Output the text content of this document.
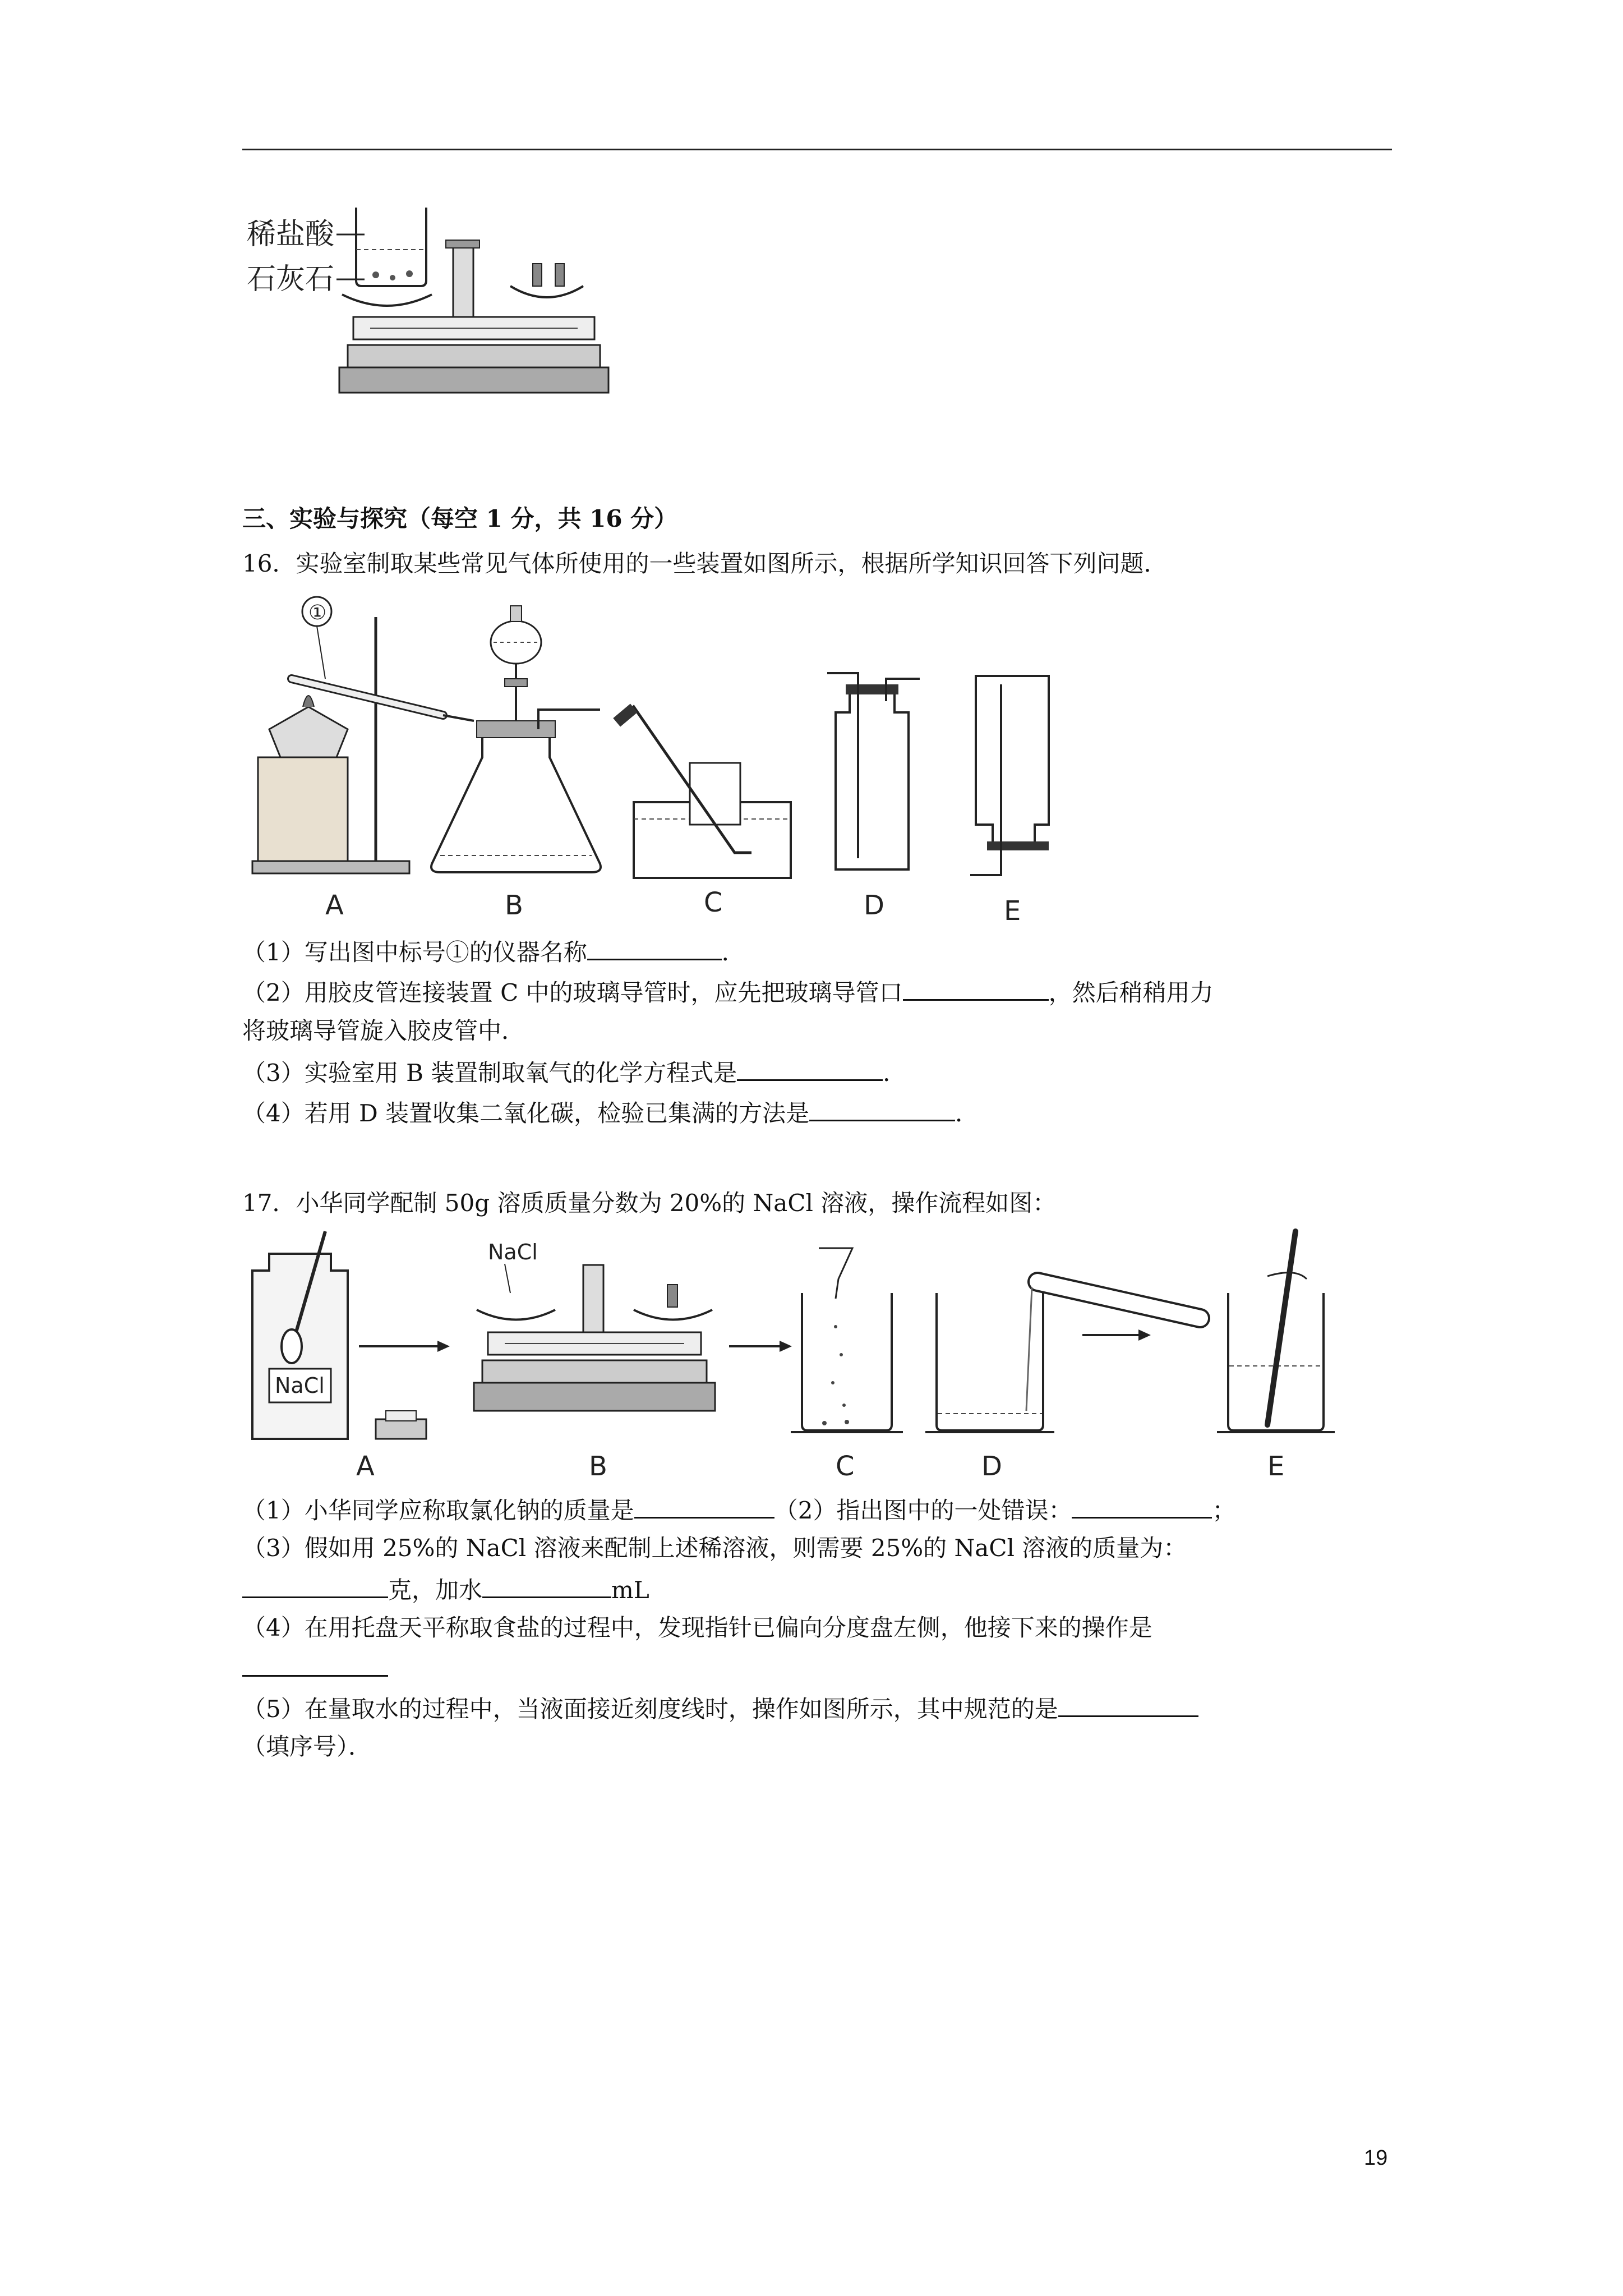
稀盐酸
石灰石
三、实验与探究（每空 1 分，共 16 分）
16．实验室制取某些常见气体所使用的一些装置如图所示，根据所学知识回答下列问题．
①
A	B	C	D	E
（1）写出图中标号①的仪器名称	．
（2）用胶皮管连接装置 C 中的玻璃导管时，应先把玻璃导管口	，然后稍稍用力
将玻璃导管旋入胶皮管中．
（3）实验室用 B 装置制取氧气的化学方程式是	．
（4）若用 D 装置收集二氧化碳，检验已集满的方法是	．
17．小华同学配制 50g 溶质质量分数为 20%的 NaCl 溶液，操作流程如图：
NaCl
A
NaCl
B	C	D	E
（1）小华同学应称取氯化钠的质量是	（2）指出图中的一处错误：	；
（3）假如用 25%的 NaCl 溶液来配制上述稀溶液，则需要 25%的 NaCl 溶液的质量为：
克，加水	mL
（4）在用托盘天平称取食盐的过程中，发现指针已偏向分度盘左侧，他接下来的操作是
（5）在量取水的过程中，当液面接近刻度线时，操作如图所示，其中规范的是
（填序号）．
19
